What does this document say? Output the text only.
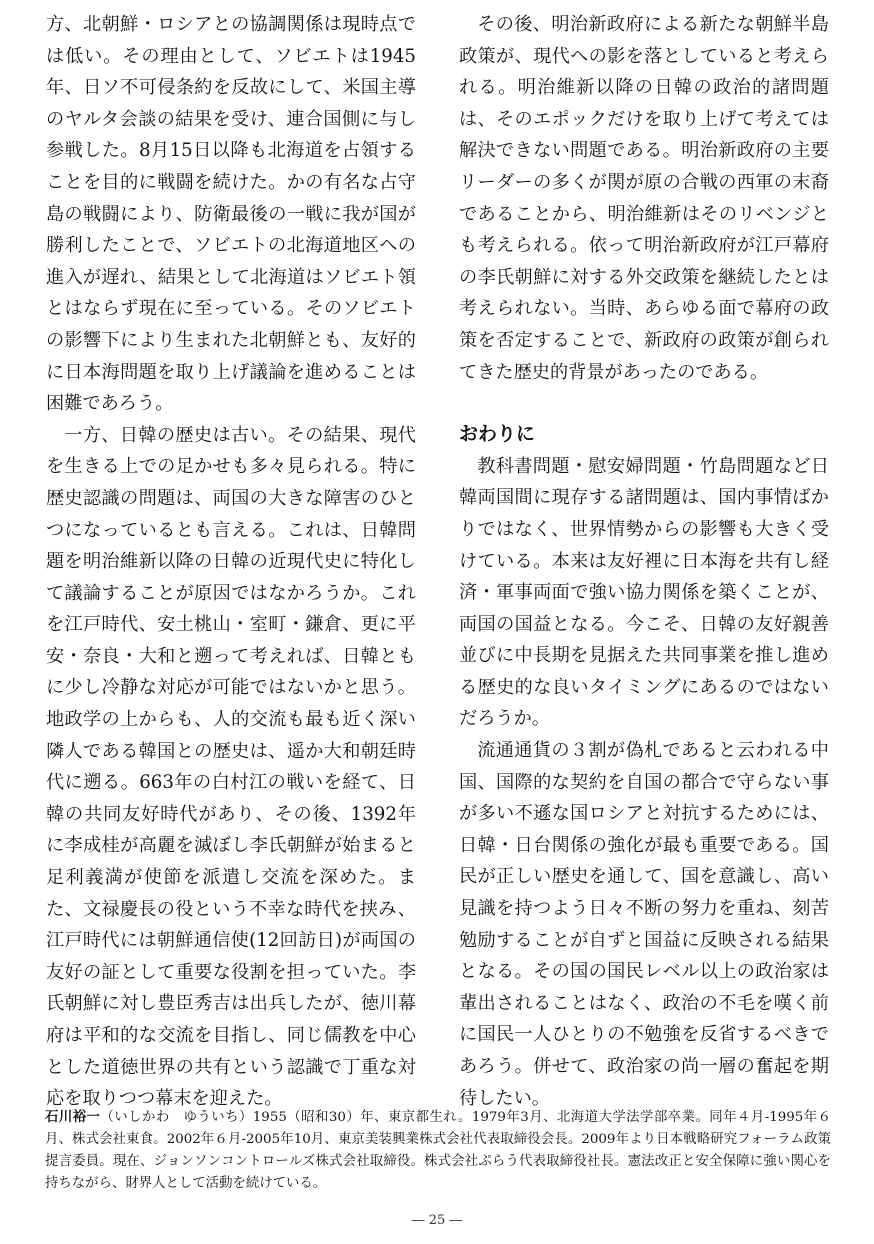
方、北朝鮮・ロシアとの協調関係は現時点では低い。その理由として、ソビエトは1945年、日ソ不可侵条約を反故にして、米国主導のヤルタ会談の結果を受け、連合国側に与し参戦した。8月15日以降も北海道を占領することを目的に戦闘を続けた。かの有名な占守島の戦闘により、防衛最後の一戦に我が国が勝利したことで、ソビエトの北海道地区への進入が遅れ、結果として北海道はソビエト領とはならず現在に至っている。そのソビエトの影響下により生まれた北朝鮮とも、友好的に日本海問題を取り上げ議論を進めることは困難であろう。

一方、日韓の歴史は古い。その結果、現代を生きる上での足かせも多々見られる。特に歴史認識の問題は、両国の大きな障害のひとつになっているとも言える。これは、日韓問題を明治維新以降の日韓の近現代史に特化して議論することが原因ではなかろうか。これを江戸時代、安土桃山・室町・鎌倉、更に平安・奈良・大和と遡って考えれば、日韓ともに少し冷静な対応が可能ではないかと思う。地政学の上からも、人的交流も最も近く深い隣人である韓国との歴史は、遥か大和朝廷時代に遡る。663年の白村江の戦いを経て、日韓の共同友好時代があり、その後、1392年に李成桂が高麗を滅ぼし李氏朝鮮が始まると足利義満が使節を派遣し交流を深めた。また、文禄慶長の役という不幸な時代を挟み、江戸時代には朝鮮通信使(12回訪日)が両国の友好の証として重要な役割を担っていた。李氏朝鮮に対し豊臣秀吉は出兵したが、徳川幕府は平和的な交流を目指し、同じ儒教を中心とした道徳世界の共有という認識で丁重な対応を取りつつ幕末を迎えた。

その後、明治新政府による新たな朝鮮半島政策が、現代への影を落としていると考えられる。明治維新以降の日韓の政治的諸問題は、そのエポックだけを取り上げて考えては解決できない問題である。明治新政府の主要リーダーの多くが関が原の合戦の西軍の末裔であることから、明治維新はそのリベンジとも考えられる。依って明治新政府が江戸幕府の李氏朝鮮に対する外交政策を継続したとは考えられない。当時、あらゆる面で幕府の政策を否定することで、新政府の政策が創られてきた歴史的背景があったのである。

おわりに

教科書問題・慰安婦問題・竹島問題など日韓両国間に現存する諸問題は、国内事情ばかりではなく、世界情勢からの影響も大きく受けている。本来は友好裡に日本海を共有し経済・軍事両面で強い協力関係を築くことが、両国の国益となる。今こそ、日韓の友好親善並びに中長期を見据えた共同事業を推し進める歴史的な良いタイミングにあるのではないだろうか。

流通通貨の３割が偽札であると云われる中国、国際的な契約を自国の都合で守らない事が多い不遜な国ロシアと対抗するためには、日韓・日台関係の強化が最も重要である。国民が正しい歴史を通して、国を意識し、高い見識を持つよう日々不断の努力を重ね、刻苦勉励することが自ずと国益に反映される結果となる。その国の国民レベル以上の政治家は輩出されることはなく、政治の不毛を嘆く前に国民一人ひとりの不勉強を反省するべきであろう。併せて、政治家の尚一層の奮起を期待したい。

石川裕一（いしかわ　ゆういち）1955（昭和30）年、東京都生れ。1979年3月、北海道大学法学部卒業。同年４月-1995年６月、株式会社東食。2002年６月-2005年10月、東京美装興業株式会社代表取締役会長。2009年より日本戦略研究フォーラム政策提言委員。現在、ジョンソンコントロールズ株式会社取締役。株式会社ぷらう代表取締役社長。憲法改正と安全保障に強い関心を持ちながら、財界人として活動を続けている。
― 25 ―
